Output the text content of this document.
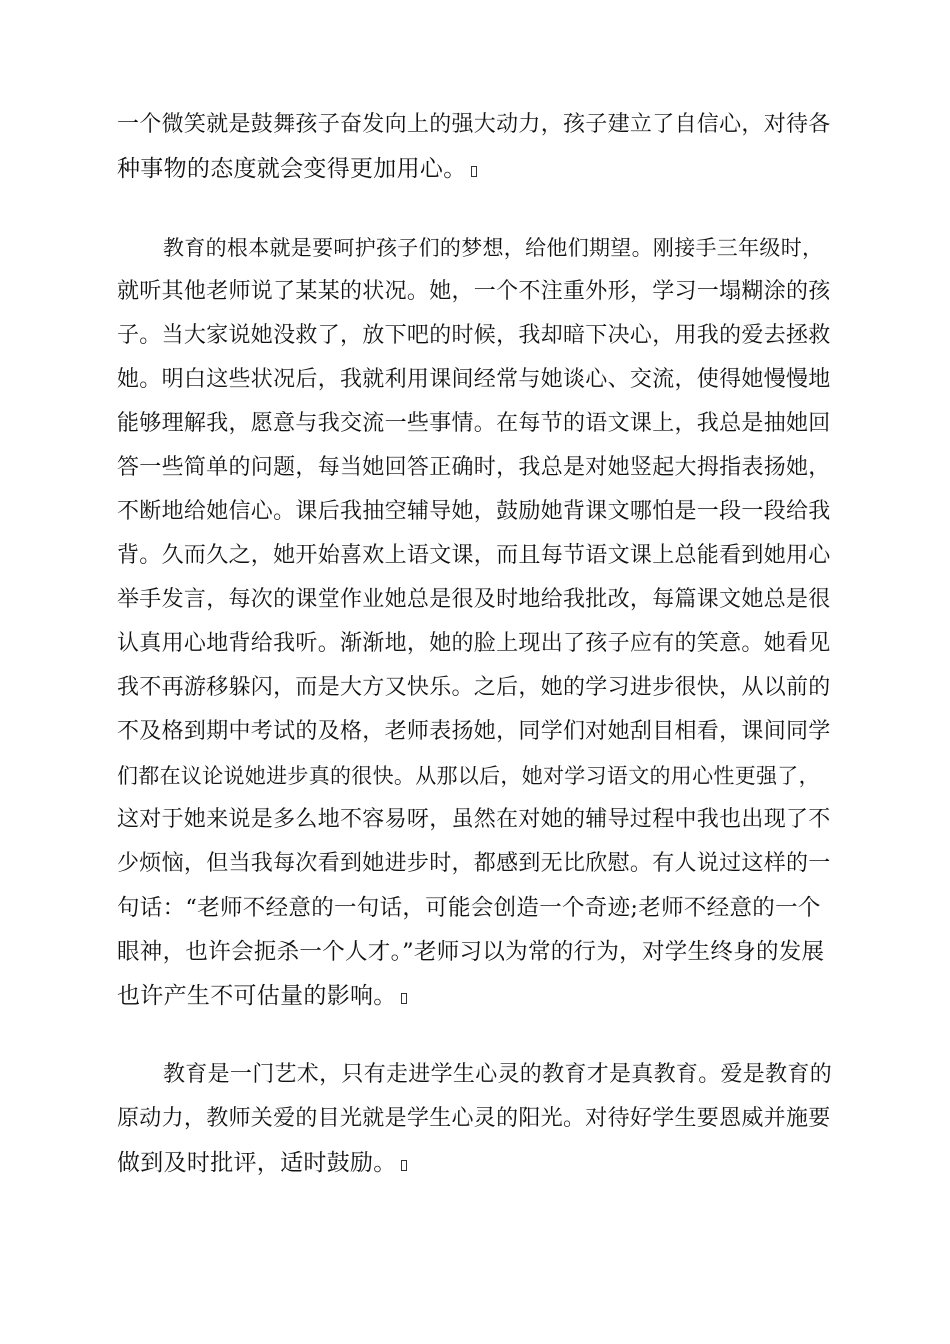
一个微笑就是鼓舞孩子奋发向上的强大动力，孩子建立了自信心，对待各
种事物的态度就会变得更加用心。
教育的根本就是要呵护孩子们的梦想，给他们期望。刚接手三年级时，
就听其他老师说了某某的状况。她，一个不注重外形，学习一塌糊涂的孩
子。当大家说她没救了，放下吧的时候，我却暗下决心，用我的爱去拯救
她。明白这些状况后，我就利用课间经常与她谈心、交流，使得她慢慢地
能够理解我，愿意与我交流一些事情。在每节的语文课上，我总是抽她回
答一些简单的问题，每当她回答正确时，我总是对她竖起大拇指表扬她，
不断地给她信心。课后我抽空辅导她，鼓励她背课文哪怕是一段一段给我
背。久而久之，她开始喜欢上语文课，而且每节语文课上总能看到她用心
举手发言，每次的课堂作业她总是很及时地给我批改，每篇课文她总是很
认真用心地背给我听。渐渐地，她的脸上现出了孩子应有的笑意。她看见
我不再游移躲闪，而是大方又快乐。之后，她的学习进步很快，从以前的
不及格到期中考试的及格，老师表扬她，同学们对她刮目相看，课间同学
们都在议论说她进步真的很快。从那以后，她对学习语文的用心性更强了，
这对于她来说是多么地不容易呀，虽然在对她的辅导过程中我也出现了不
少烦恼，但当我每次看到她进步时，都感到无比欣慰。有人说过这样的一
句话：“老师不经意的一句话，可能会创造一个奇迹;老师不经意的一个
眼神，也许会扼杀一个人才。”老师习以为常的行为，对学生终身的发展
也许产生不可估量的影响。
教育是一门艺术，只有走进学生心灵的教育才是真教育。爱是教育的
原动力，教师关爱的目光就是学生心灵的阳光。对待好学生要恩威并施要
做到及时批评，适时鼓励。
